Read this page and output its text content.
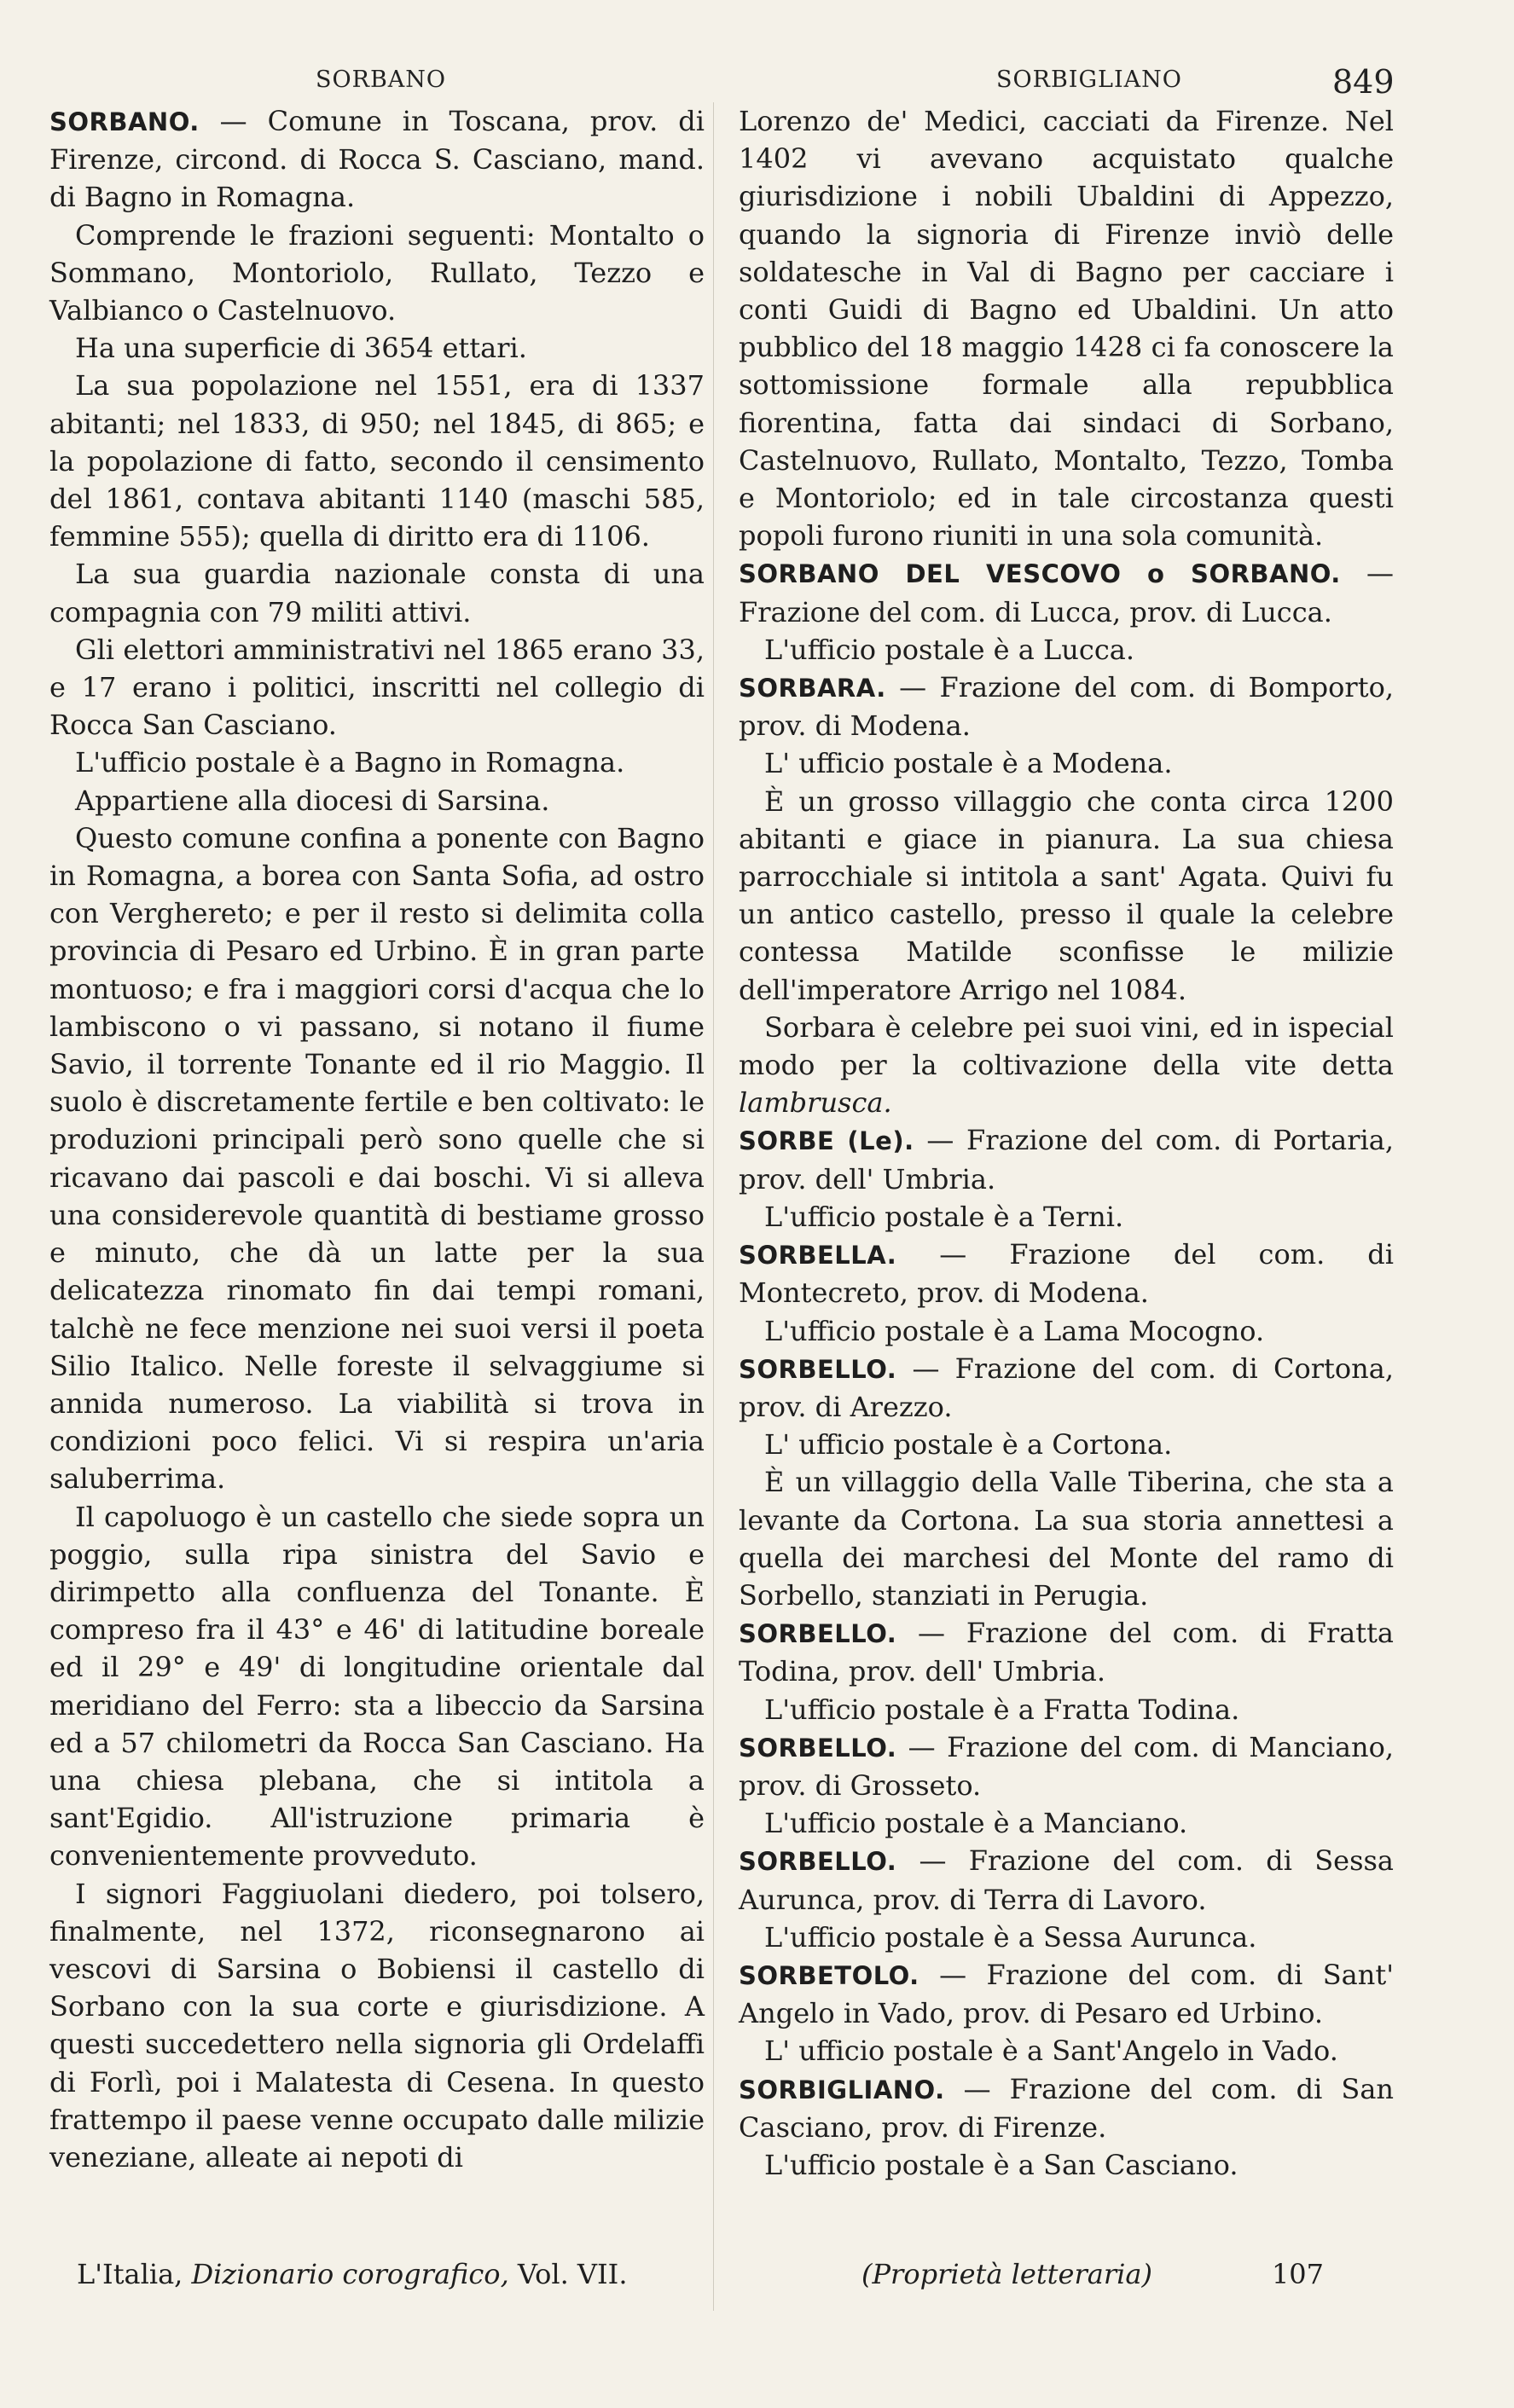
SORBANO	SORBIGLIANO	849

SORBANO. — Comune in Toscana, prov. di Firenze, circond. di Rocca S. Casciano, mand. di Bagno in Romagna.

Comprende le frazioni seguenti: Montalto o Sommano, Montoriolo, Rullato, Tezzo e Valbianco o Castelnuovo.

Ha una superficie di 3654 ettari.

La sua popolazione nel 1551, era di 1337 abitanti; nel 1833, di 950; nel 1845, di 865; e la popolazione di fatto, secondo il censimento del 1861, contava abitanti 1140 (maschi 585, femmine 555); quella di diritto era di 1106.

La sua guardia nazionale consta di una compagnia con 79 militi attivi.

Gli elettori amministrativi nel 1865 erano 33, e 17 erano i politici, inscritti nel collegio di Rocca San Casciano.

L'ufficio postale è a Bagno in Romagna.

Appartiene alla diocesi di Sarsina.

Questo comune confina a ponente con Bagno in Romagna, a borea con Santa Sofia, ad ostro con Verghereto; e per il resto si delimita colla provincia di Pesaro ed Urbino. È in gran parte montuoso; e fra i maggiori corsi d'acqua che lo lambiscono o vi passano, si notano il fiume Savio, il torrente Tonante ed il rio Maggio. Il suolo è discretamente fertile e ben coltivato: le produzioni principali però sono quelle che si ricavano dai pascoli e dai boschi. Vi si alleva una considerevole quantità di bestiame grosso e minuto, che dà un latte per la sua delicatezza rinomato fin dai tempi romani, talchè ne fece menzione nei suoi versi il poeta Silio Italico. Nelle foreste il selvaggiume si annida numeroso. La viabilità si trova in condizioni poco felici. Vi si respira un'aria saluberrima.

Il capoluogo è un castello che siede sopra un poggio, sulla ripa sinistra del Savio e dirimpetto alla confluenza del Tonante. È compreso fra il 43° e 46' di latitudine boreale ed il 29° e 49' di longitudine orientale dal meridiano del Ferro: sta a libeccio da Sarsina ed a 57 chilometri da Rocca San Casciano. Ha una chiesa plebana, che si intitola a sant'Egidio. All'istruzione primaria è convenientemente provveduto.

I signori Faggiuolani diedero, poi tolsero, finalmente, nel 1372, riconsegnarono ai vescovi di Sarsina o Bobiensi il castello di Sorbano con la sua corte e giurisdizione. A questi succedettero nella signoria gli Ordelaffi di Forlì, poi i Malatesta di Cesena. In questo frattempo il paese venne occupato dalle milizie veneziane, alleate ai nepoti di

Lorenzo de' Medici, cacciati da Firenze. Nel 1402 vi avevano acquistato qualche giurisdizione i nobili Ubaldini di Appezzo, quando la signoria di Firenze inviò delle soldatesche in Val di Bagno per cacciare i conti Guidi di Bagno ed Ubaldini. Un atto pubblico del 18 maggio 1428 ci fa conoscere la sottomissione formale alla repubblica fiorentina, fatta dai sindaci di Sorbano, Castelnuovo, Rullato, Montalto, Tezzo, Tomba e Montoriolo; ed in tale circostanza questi popoli furono riuniti in una sola comunità.

SORBANO DEL VESCOVO o SORBANO. — Frazione del com. di Lucca, prov. di Lucca.

L'ufficio postale è a Lucca.

SORBARA. — Frazione del com. di Bomporto, prov. di Modena.

L' ufficio postale è a Modena.

È un grosso villaggio che conta circa 1200 abitanti e giace in pianura. La sua chiesa parrocchiale si intitola a sant' Agata. Quivi fu un antico castello, presso il quale la celebre contessa Matilde sconfisse le milizie dell'imperatore Arrigo nel 1084.

Sorbara è celebre pei suoi vini, ed in ispecial modo per la coltivazione della vite detta lambrusca.

SORBE (Le). — Frazione del com. di Portaria, prov. dell' Umbria.

L'ufficio postale è a Terni.

SORBELLA. — Frazione del com. di Montecreto, prov. di Modena.

L'ufficio postale è a Lama Mocogno.

SORBELLO. — Frazione del com. di Cortona, prov. di Arezzo.

L' ufficio postale è a Cortona.

È un villaggio della Valle Tiberina, che sta a levante da Cortona. La sua storia annettesi a quella dei marchesi del Monte del ramo di Sorbello, stanziati in Perugia.

SORBELLO. — Frazione del com. di Fratta Todina, prov. dell' Umbria.

L'ufficio postale è a Fratta Todina.

SORBELLO. — Frazione del com. di Manciano, prov. di Grosseto.

L'ufficio postale è a Manciano.

SORBELLO. — Frazione del com. di Sessa Aurunca, prov. di Terra di Lavoro.

L'ufficio postale è a Sessa Aurunca.

SORBETOLO. — Frazione del com. di Sant' Angelo in Vado, prov. di Pesaro ed Urbino.

L' ufficio postale è a Sant'Angelo in Vado.

SORBIGLIANO. — Frazione del com. di San Casciano, prov. di Firenze.

L'ufficio postale è a San Casciano.

L'Italia, Dizionario corografico, Vol. VII.	(Proprietà letteraria)	107
